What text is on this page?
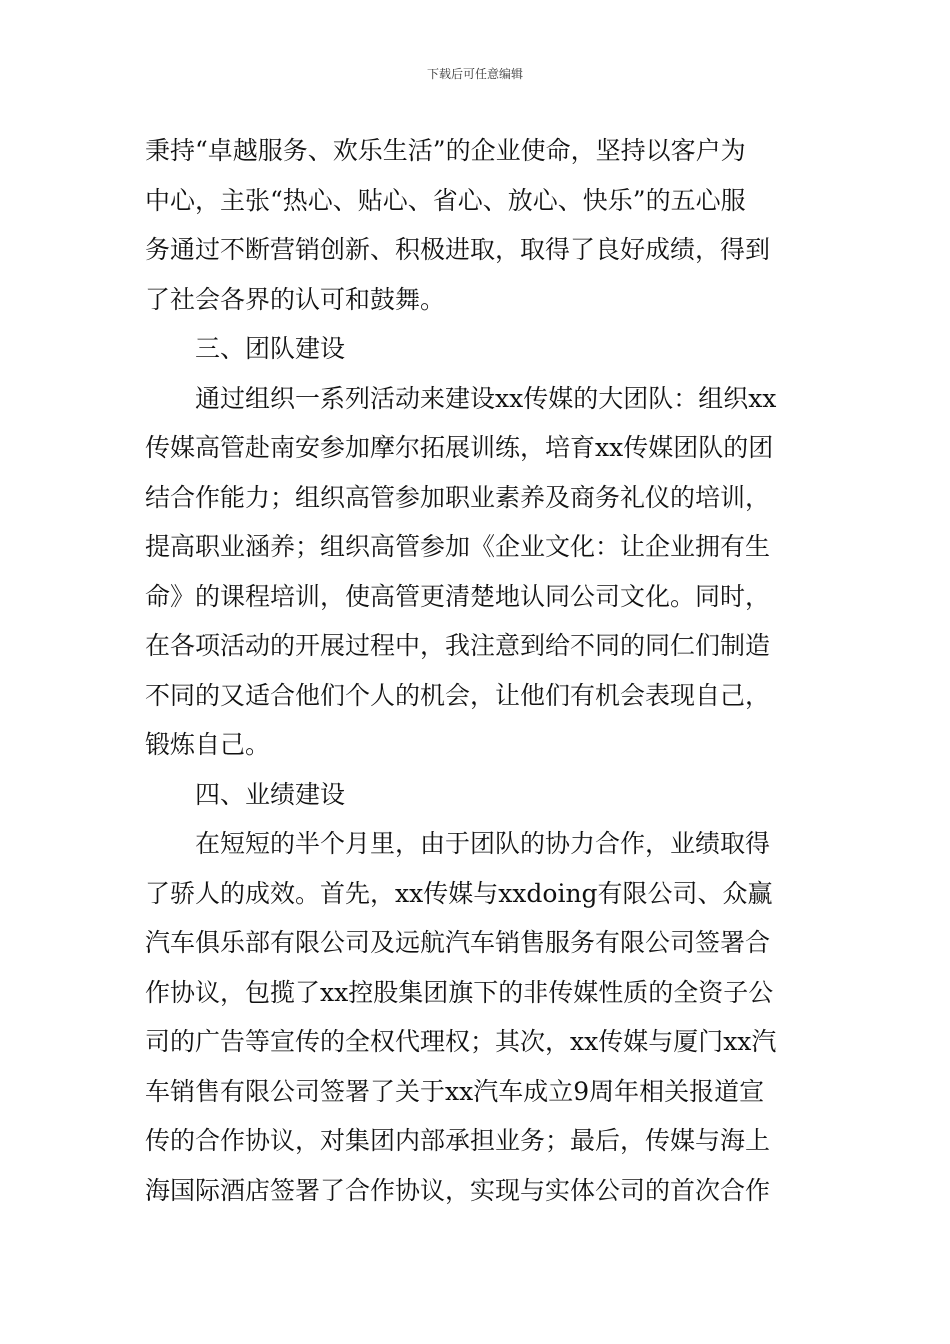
下载后可任意编辑
秉持“卓越服务、欢乐生活”的企业使命，坚持以客户为
中心，主张“热心、贴心、省心、放心、快乐”的五心服
务通过不断营销创新、积极进取，取得了良好成绩，得到
了社会各界的认可和鼓舞。
三、团队建设
通过组织一系列活动来建设xx传媒的大团队：组织xx
传媒高管赴南安参加摩尔拓展训练，培育xx传媒团队的团
结合作能力；组织高管参加职业素养及商务礼仪的培训，
提高职业涵养；组织高管参加《企业文化：让企业拥有生
命》的课程培训，使高管更清楚地认同公司文化。同时，
在各项活动的开展过程中，我注意到给不同的同仁们制造
不同的又适合他们个人的机会，让他们有机会表现自己，
锻炼自己。
四、业绩建设
在短短的半个月里，由于团队的协力合作，业绩取得
了骄人的成效。首先，xx传媒与xxdoing有限公司、众赢
汽车俱乐部有限公司及远航汽车销售服务有限公司签署合
作协议，包揽了xx控股集团旗下的非传媒性质的全资子公
司的广告等宣传的全权代理权；其次，xx传媒与厦门xx汽
车销售有限公司签署了关于xx汽车成立9周年相关报道宣
传的合作协议，对集团内部承担业务；最后，传媒与海上
海国际酒店签署了合作协议，实现与实体公司的首次合作
